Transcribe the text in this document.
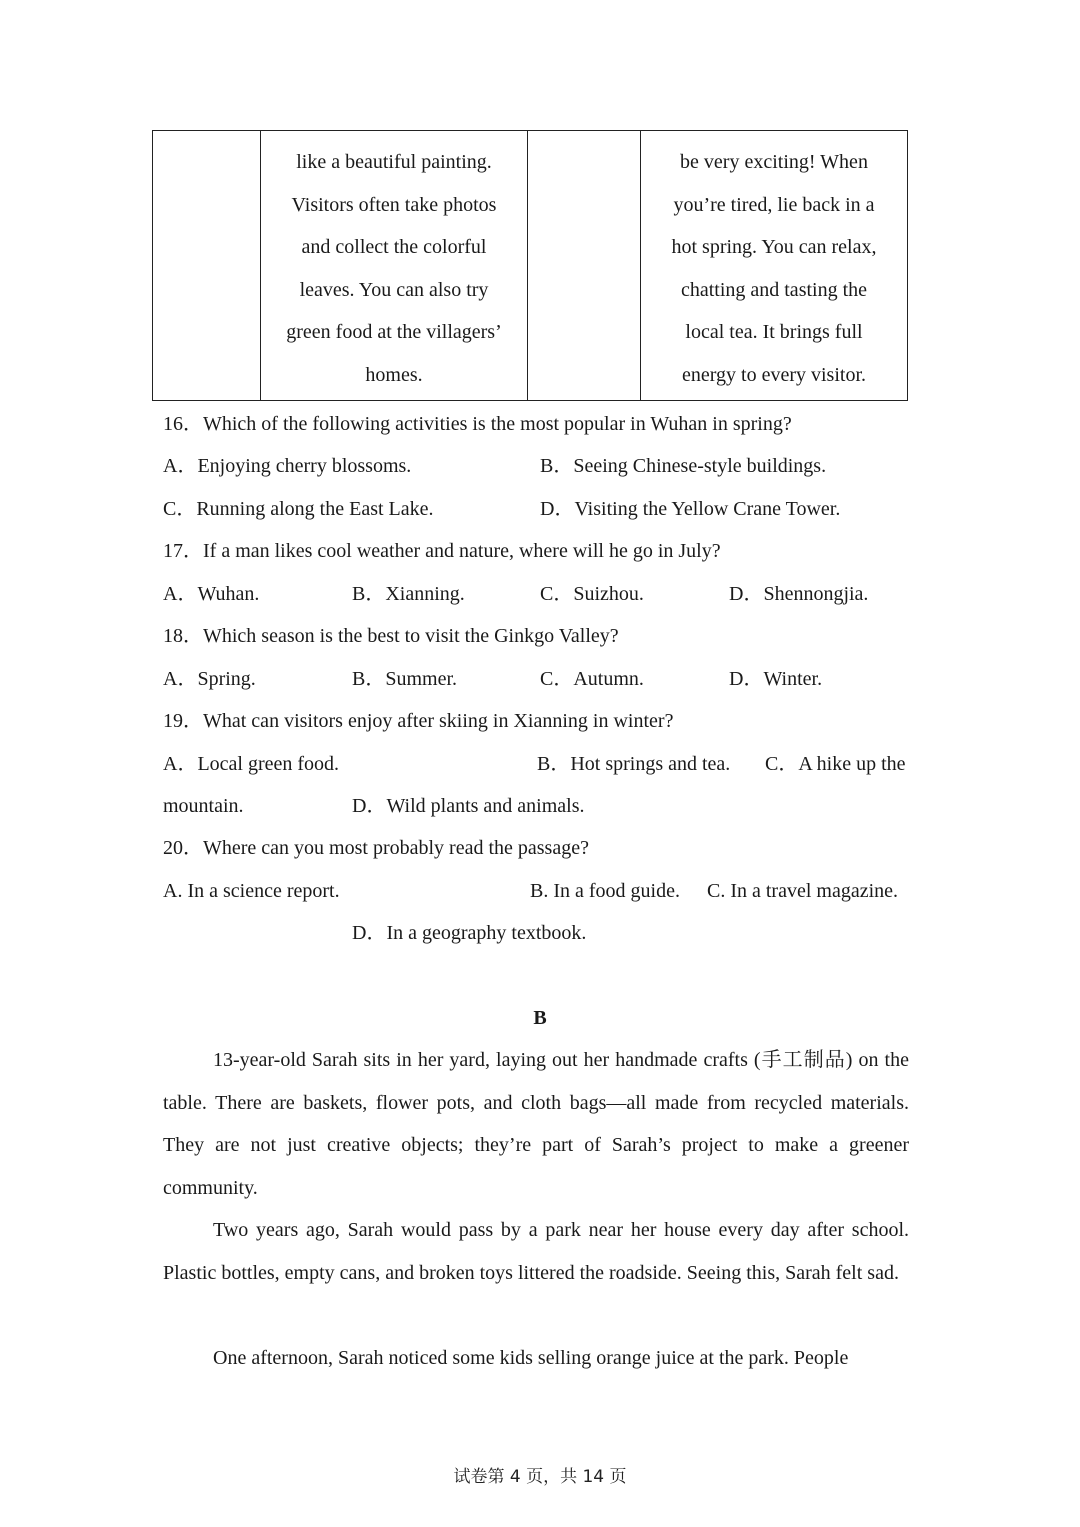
like a beautiful painting.
Visitors often take photos
and collect the colorful
leaves. You can also try
green food at the villagers’
homes.

be very exciting! When
you’re tired, lie back in a
hot spring. You can relax,
chatting and tasting the
local tea. It brings full
energy to every visitor.
16．Which of the following activities is the most popular in Wuhan in spring?
A．Enjoying cherry blossoms.	B．Seeing Chinese-style buildings.
C．Running along the East Lake.	D．Visiting the Yellow Crane Tower.
17．If a man likes cool weather and nature, where will he go in July?
A．Wuhan.	B．Xianning.	C．Suizhou.	D．Shennongjia.
18．Which season is the best to visit the Ginkgo Valley?
A．Spring.	B．Summer.	C．Autumn.	D．Winter.
19．What can visitors enjoy after skiing in Xianning in winter?
A．Local green food.	B．Hot springs and tea. C．A hike up the
mountain.	D．Wild plants and animals.
20．Where can you most probably read the passage?
A. In a science report.	B. In a food guide. C. In a travel magazine.
D．In a geography textbook.
B
13-year-old Sarah sits in her yard, laying out her handmade crafts (手工制品) on the table. There are baskets, flower pots, and cloth bags—all made from recycled materials. They are not just creative objects; they’re part of Sarah’s project to make a greener community.
Two years ago, Sarah would pass by a park near her house every day after school. Plastic bottles, empty cans, and broken toys littered the roadside. Seeing this, Sarah felt sad.
One afternoon, Sarah noticed some kids selling orange juice at the park. People
试卷第 4 页，共 14 页
